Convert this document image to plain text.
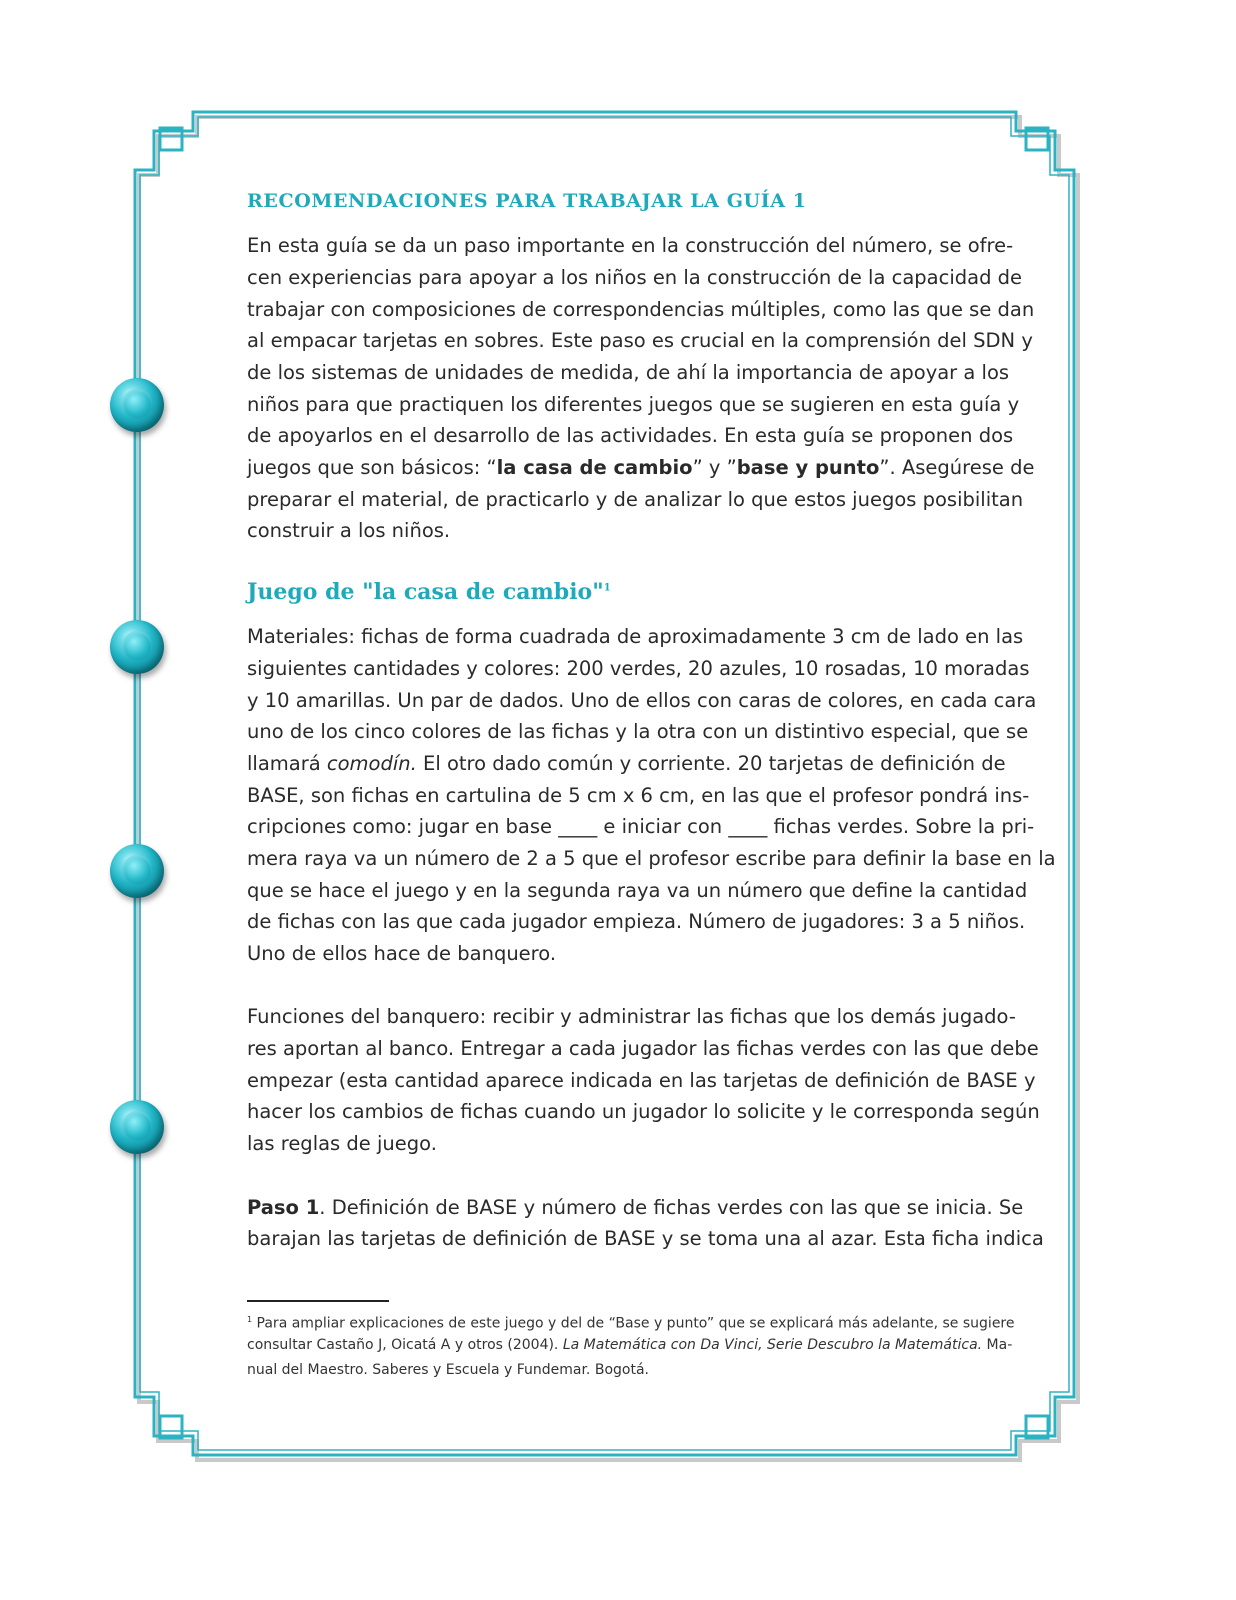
RECOMENDACIONES PARA TRABAJAR LA GUÍA 1
En esta guía se da un paso importante en la construcción del número, se ofre-
cen experiencias para apoyar a los niños en la construcción de la capacidad de
trabajar con composiciones de correspondencias múltiples, como las que se dan
al empacar tarjetas en sobres. Este paso es crucial en la comprensión del SDN y
de los sistemas de unidades de medida, de ahí la importancia de apoyar a los
niños para que practiquen los diferentes juegos que se sugieren en esta guía y
de apoyarlos en el desarrollo de las actividades. En esta guía se proponen dos
juegos que son básicos: “la casa de cambio” y ”base y punto”. Asegúrese de
preparar el material, de practicarlo y de analizar lo que estos juegos posibilitan
construir a los niños.
Juego de "la casa de cambio"$^1$
Materiales: fichas de forma cuadrada de aproximadamente 3 cm de lado en las
siguientes cantidades y colores: 200 verdes, 20 azules, 10 rosadas, 10 moradas
y 10 amarillas. Un par de dados. Uno de ellos con caras de colores, en cada cara
uno de los cinco colores de las fichas y la otra con un distintivo especial, que se
llamará comodín. El otro dado común y corriente. 20 tarjetas de definición de
BASE, son fichas en cartulina de 5 cm x 6 cm, en las que el profesor pondrá ins-
cripciones como: jugar en base ____ e iniciar con ____ fichas verdes. Sobre la pri-
mera raya va un número de 2 a 5 que el profesor escribe para definir la base en la
que se hace el juego y en la segunda raya va un número que define la cantidad
de fichas con las que cada jugador empieza. Número de jugadores: 3 a 5 niños.
Uno de ellos hace de banquero.
Funciones del banquero: recibir y administrar las fichas que los demás jugado-
res aportan al banco. Entregar a cada jugador las fichas verdes con las que debe
empezar (esta cantidad aparece indicada en las tarjetas de definición de BASE y
hacer los cambios de fichas cuando un jugador lo solicite y le corresponda según
las reglas de juego.
Paso 1. Definición de BASE y número de fichas verdes con las que se inicia. Se
barajan las tarjetas de definición de BASE y se toma una al azar. Esta ficha indica
$^1$ Para ampliar explicaciones de este juego y del de “Base y punto” que se explicará más adelante, se sugiere
consultar Castaño J, Oicatá A y otros (2004). La Matemática con Da Vinci, Serie Descubro la Matemática. Ma-
nual del Maestro. Saberes y Escuela y Fundemar. Bogotá.
